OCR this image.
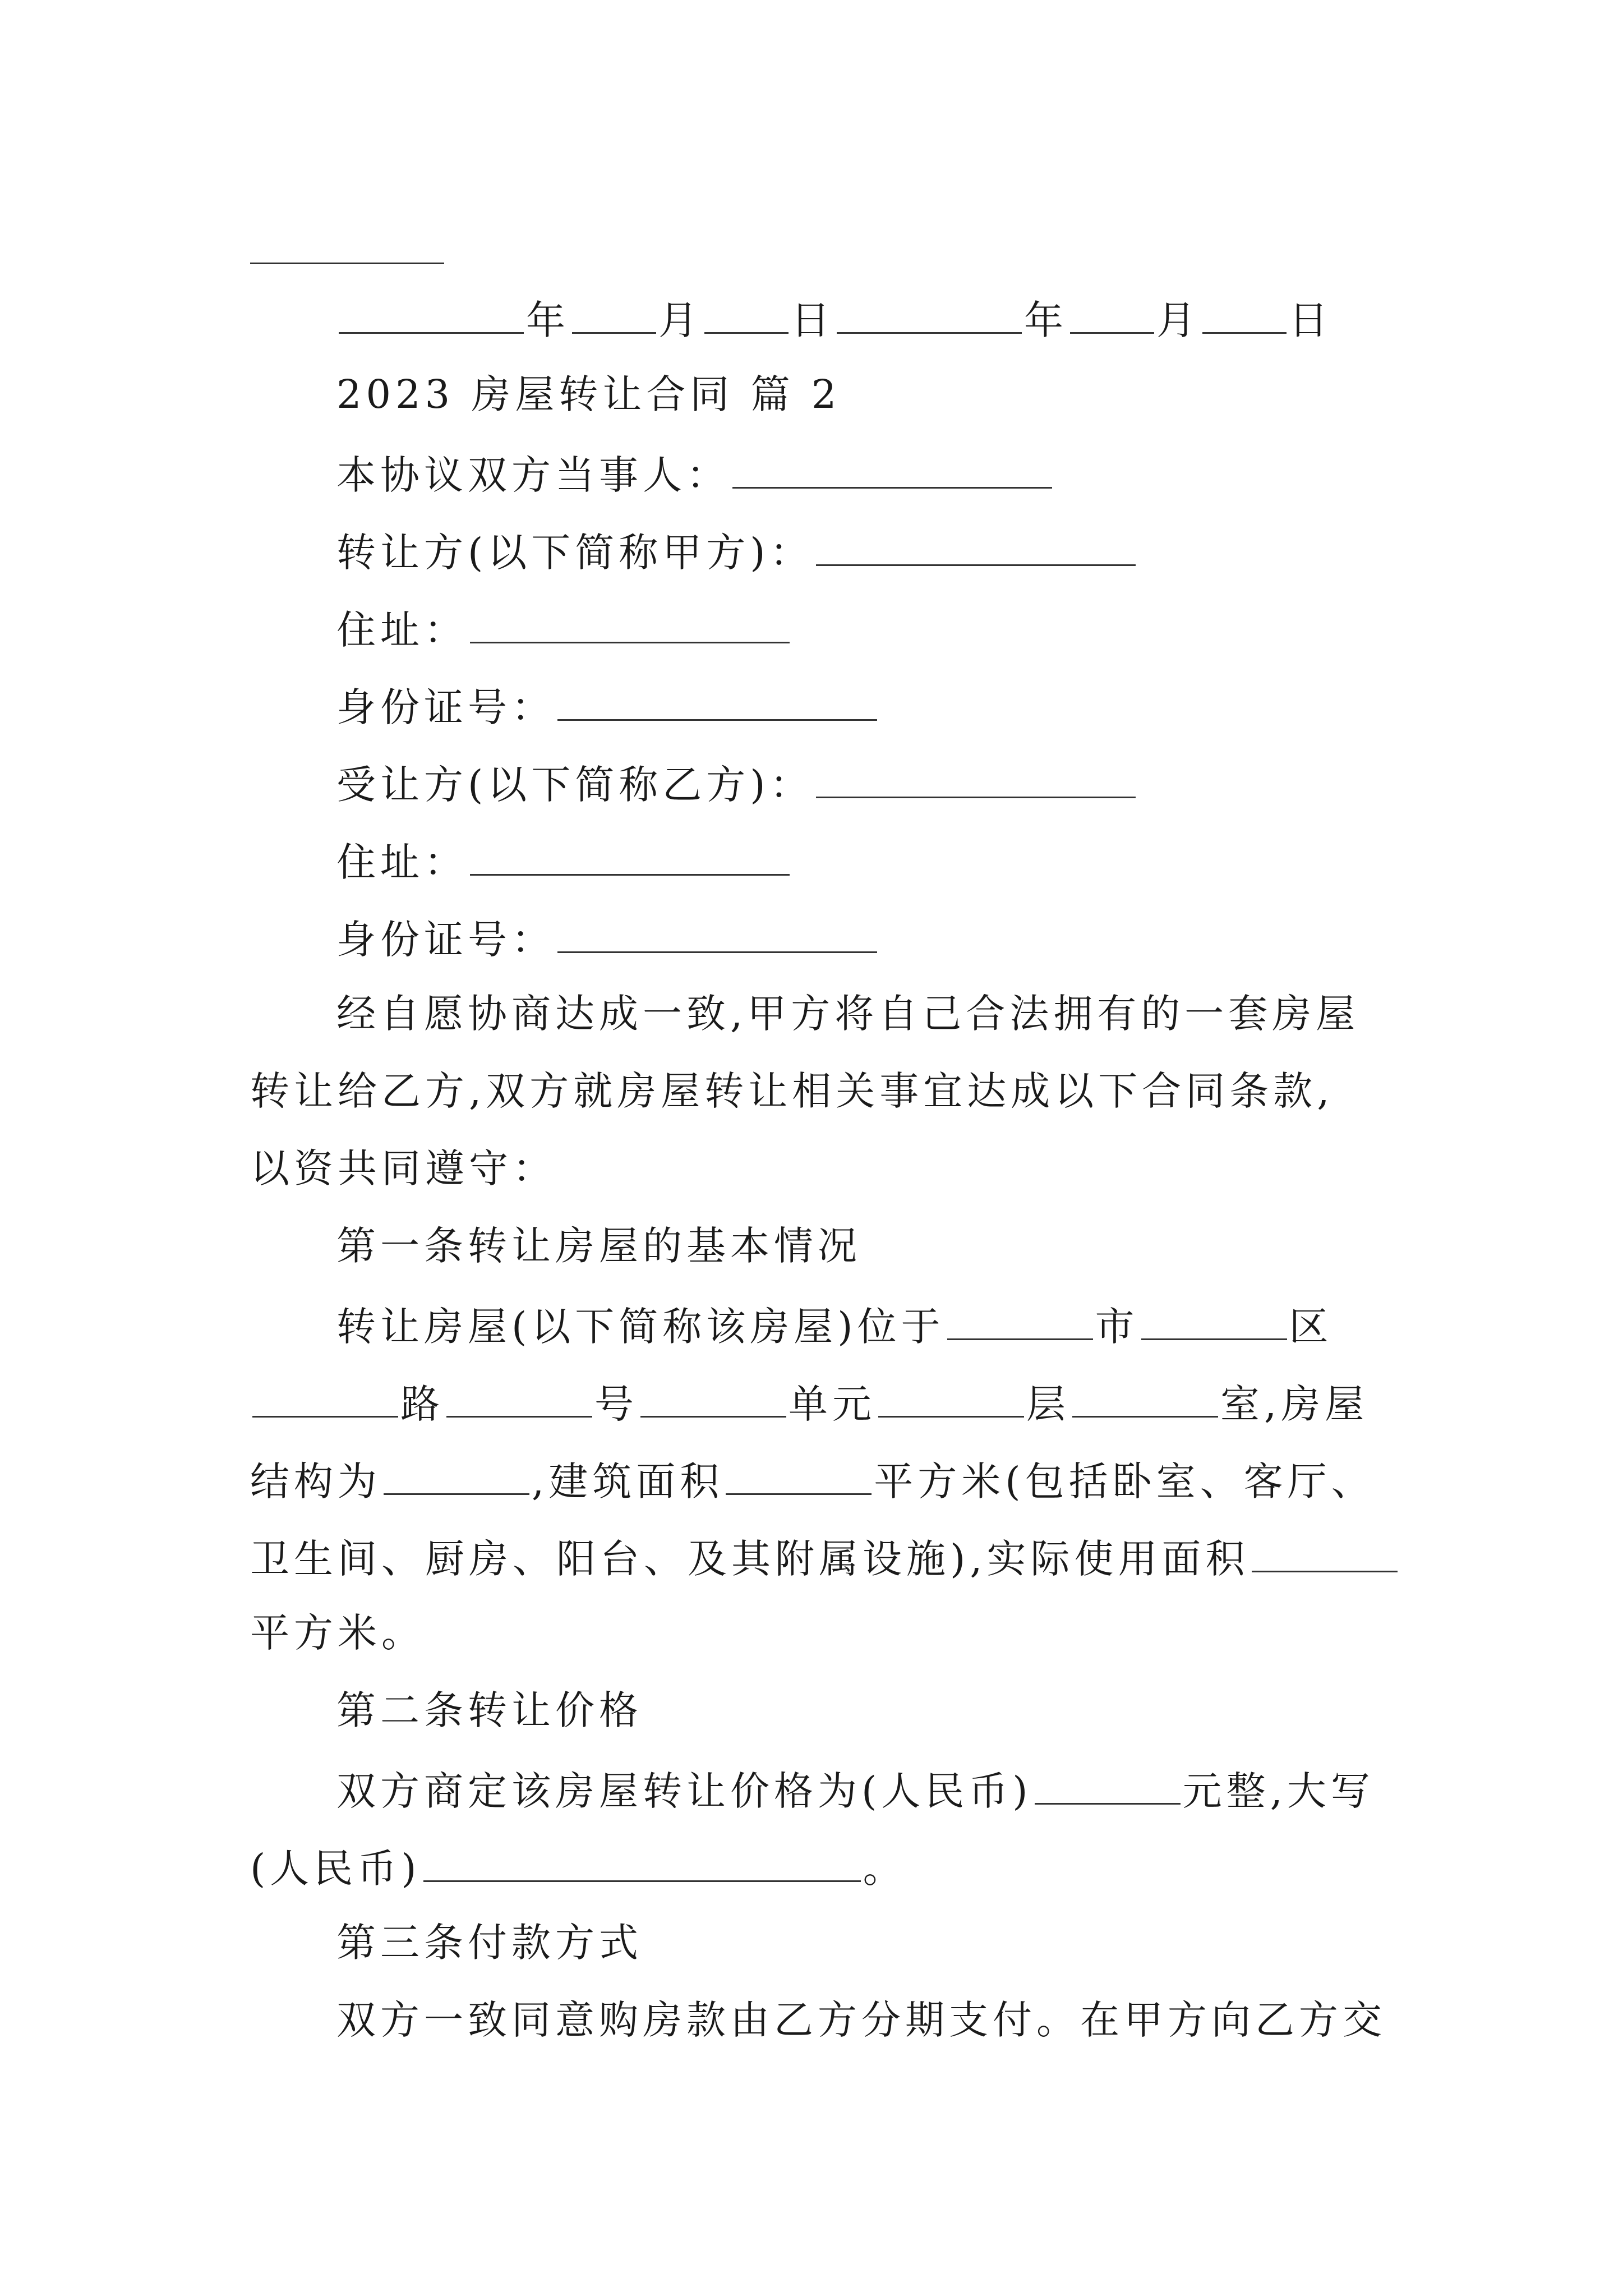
年 月 日	年 月 日
2023 房屋转让合同 篇 2
本协议双方当事人：
转让方(以下简称甲方)：
住址：
身份证号：
受让方(以下简称乙方)：
住址：
身份证号：
经自愿协商达成一致,甲方将自己合法拥有的一套房屋
转让给乙方,双方就房屋转让相关事宜达成以下合同条款,
以资共同遵守：
第一条转让房屋的基本情况
转让房屋(以下简称该房屋)位于	市	区
路	号	单元	层	室,房屋
结构为	,建筑面积	平方米(包括卧室、客厅、
卫生间、厨房、阳台、及其附属设施),实际使用面积
平方米。
第二条转让价格
双方商定该房屋转让价格为(人民币)	元整,大写
(人民币)	。
第三条付款方式
双方一致同意购房款由乙方分期支付。在甲方向乙方交
